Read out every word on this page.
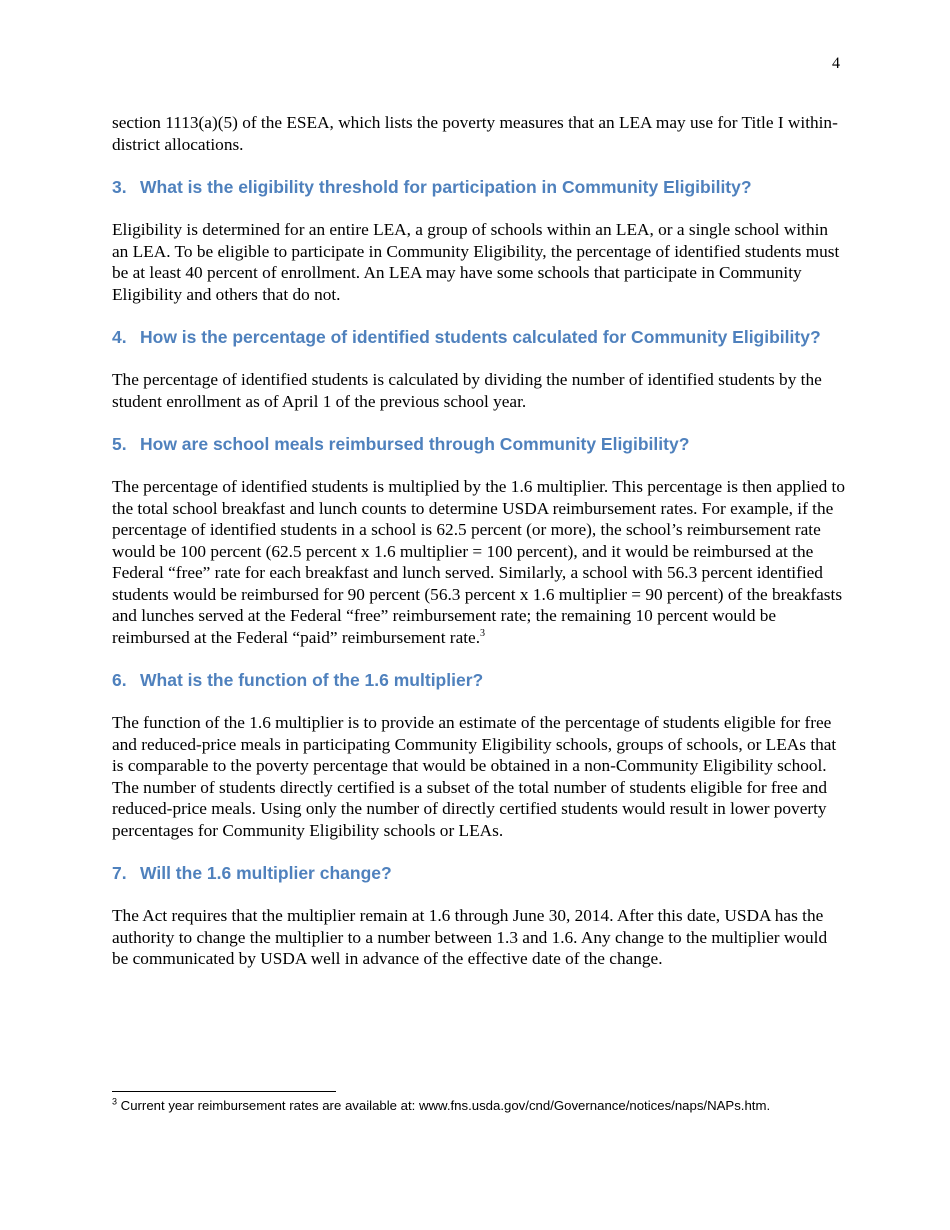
4

section 1113(a)(5) of the ESEA, which lists the poverty measures that an LEA may use for Title I within-district allocations.

3. What is the eligibility threshold for participation in Community Eligibility?

Eligibility is determined for an entire LEA, a group of schools within an LEA, or a single school within an LEA. To be eligible to participate in Community Eligibility, the percentage of identified students must be at least 40 percent of enrollment. An LEA may have some schools that participate in Community Eligibility and others that do not.

4. How is the percentage of identified students calculated for Community Eligibility?

The percentage of identified students is calculated by dividing the number of identified students by the student enrollment as of April 1 of the previous school year.

5. How are school meals reimbursed through Community Eligibility?

The percentage of identified students is multiplied by the 1.6 multiplier. This percentage is then applied to the total school breakfast and lunch counts to determine USDA reimbursement rates. For example, if the percentage of identified students in a school is 62.5 percent (or more), the school’s reimbursement rate would be 100 percent (62.5 percent x 1.6 multiplier = 100 percent), and it would be reimbursed at the Federal “free” rate for each breakfast and lunch served. Similarly, a school with 56.3 percent identified students would be reimbursed for 90 percent (56.3 percent x 1.6 multiplier = 90 percent) of the breakfasts and lunches served at the Federal “free” reimbursement rate; the remaining 10 percent would be reimbursed at the Federal “paid” reimbursement rate.$^3$

6. What is the function of the 1.6 multiplier?

The function of the 1.6 multiplier is to provide an estimate of the percentage of students eligible for free and reduced-price meals in participating Community Eligibility schools, groups of schools, or LEAs that is comparable to the poverty percentage that would be obtained in a non-Community Eligibility school. The number of students directly certified is a subset of the total number of students eligible for free and reduced-price meals. Using only the number of directly certified students would result in lower poverty percentages for Community Eligibility schools or LEAs.

7. Will the 1.6 multiplier change?

The Act requires that the multiplier remain at 1.6 through June 30, 2014. After this date, USDA has the authority to change the multiplier to a number between 1.3 and 1.6. Any change to the multiplier would be communicated by USDA well in advance of the effective date of the change.

$^3$ Current year reimbursement rates are available at: www.fns.usda.gov/cnd/Governance/notices/naps/NAPs.htm.
